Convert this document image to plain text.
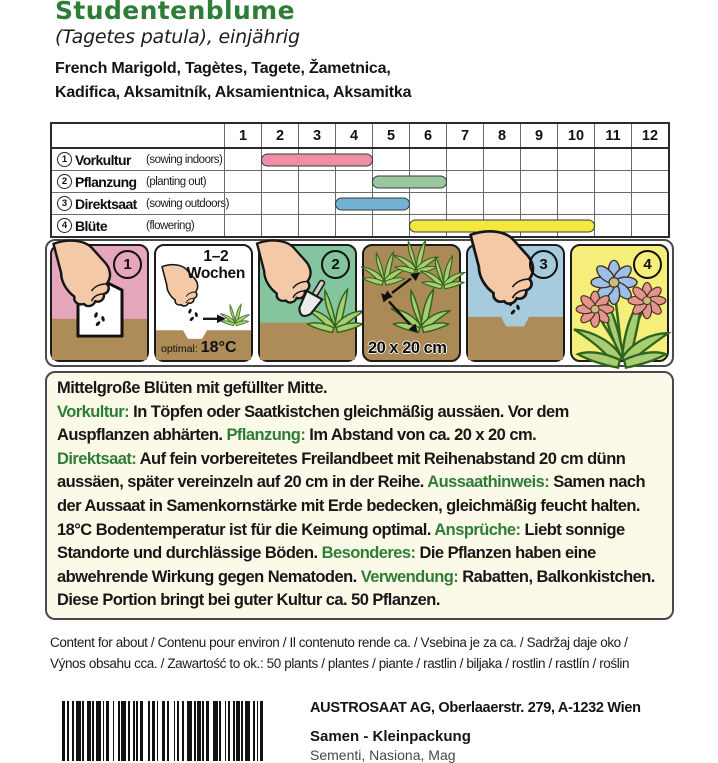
Studentenblume
(Tagetes patula), einjährig
French Marigold, Tagètes, Tagete, Žametnica,
Kadifica, Aksamitník, Aksamientnica, Aksamitka
1	2	3	4	5	6	7	8	9	10	11	12
1 Vorkultur	(sowing indoors)
2 Pflanzung (planting out)
3 Direktsaat (sowing outdoors)
4 Blüte	(flowering)
1	1–2
Wochen
optimal: 18°C
2
20 x 20 cm
3	4

Mittelgroße Blüten mit gefüllter Mitte.

Vorkultur: In Töpfen oder Saatkistchen gleichmäßig aussäen. Vor dem Auspflanzen abhärten. Pflanzung: Im Abstand von ca. 20 x 20 cm.

Direktsaat: Auf fein vorbereitetes Freilandbeet mit Reihenabstand 20 cm dünn aussäen, später vereinzeln auf 20 cm in der Reihe. Aussaathinweis: Samen nach der Aussaat in Samenkornstärke mit Erde bedecken, gleichmäßig feucht halten. 18°C Bodentemperatur ist für die Keimung optimal. Ansprüche: Liebt sonnige Standorte und durchlässige Böden. Besonderes: Die Pflanzen haben eine abwehrende Wirkung gegen Nematoden. Verwendung: Rabatten, Balkonkistchen. Diese Portion bringt bei guter Kultur ca. 50 Pflanzen.

Content for about / Contenu pour environ / Il contenuto rende ca. / Vsebina je za ca. / Sadržaj daje oko /
Výnos obsahu cca. / Zawartość to ok.: 50 plants / plantes / piante / rastlin / biljaka / rostlin / rastlín / roślin
AUSTROSAAT AG, Oberlaaerstr. 279, A-1232 Wien
Samen - Kleinpackung
Sementi, Nasiona, Mag
